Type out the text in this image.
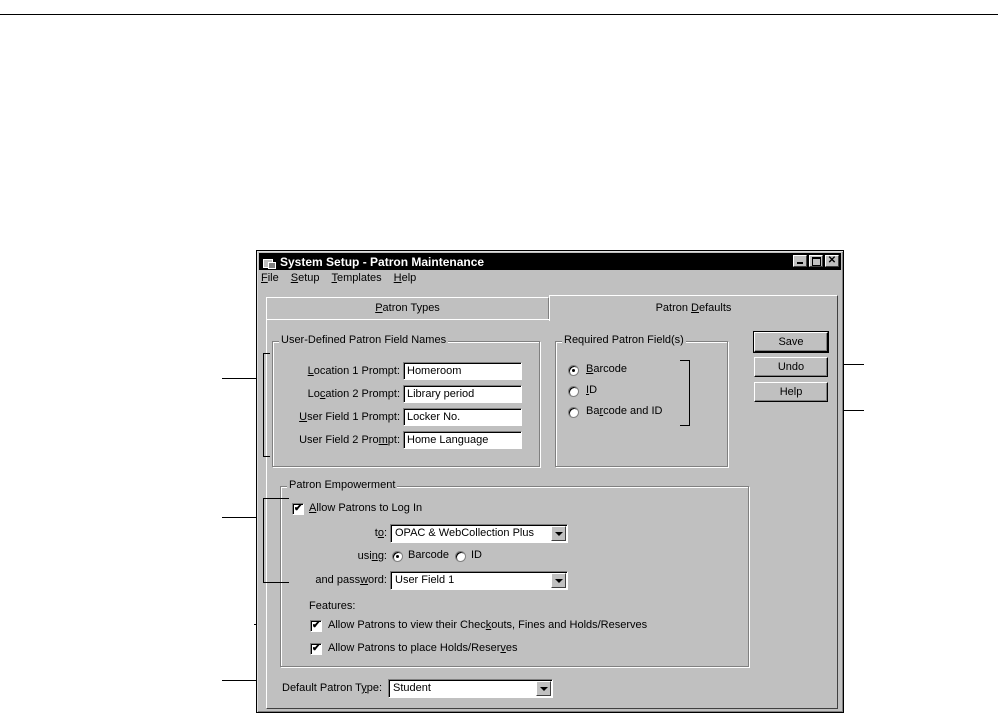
System Setup - Patron Maintenance	✕
File Setup Templates Help
Patron Types	Patron Defaults
User-Defined Patron Field Names
Location 1 Prompt: Homeroom
Location 2 Prompt: Library period
User Field 1 Prompt: Locker No.
User Field 2 Prompt: Home Language
Required Patron Field(s)
Barcode
ID
Barcode and ID
Save
Undo
Help
Patron Empowerment
✔
Allow Patrons to Log In
to: OPAC & WebCollection Plus
using: Barcode ID
and password: User Field 1
Features:
✔
Allow Patrons to view their Checkouts, Fines and Holds/Reserves
✔
Allow Patrons to place Holds/Reserves
Default Patron Type: Student
